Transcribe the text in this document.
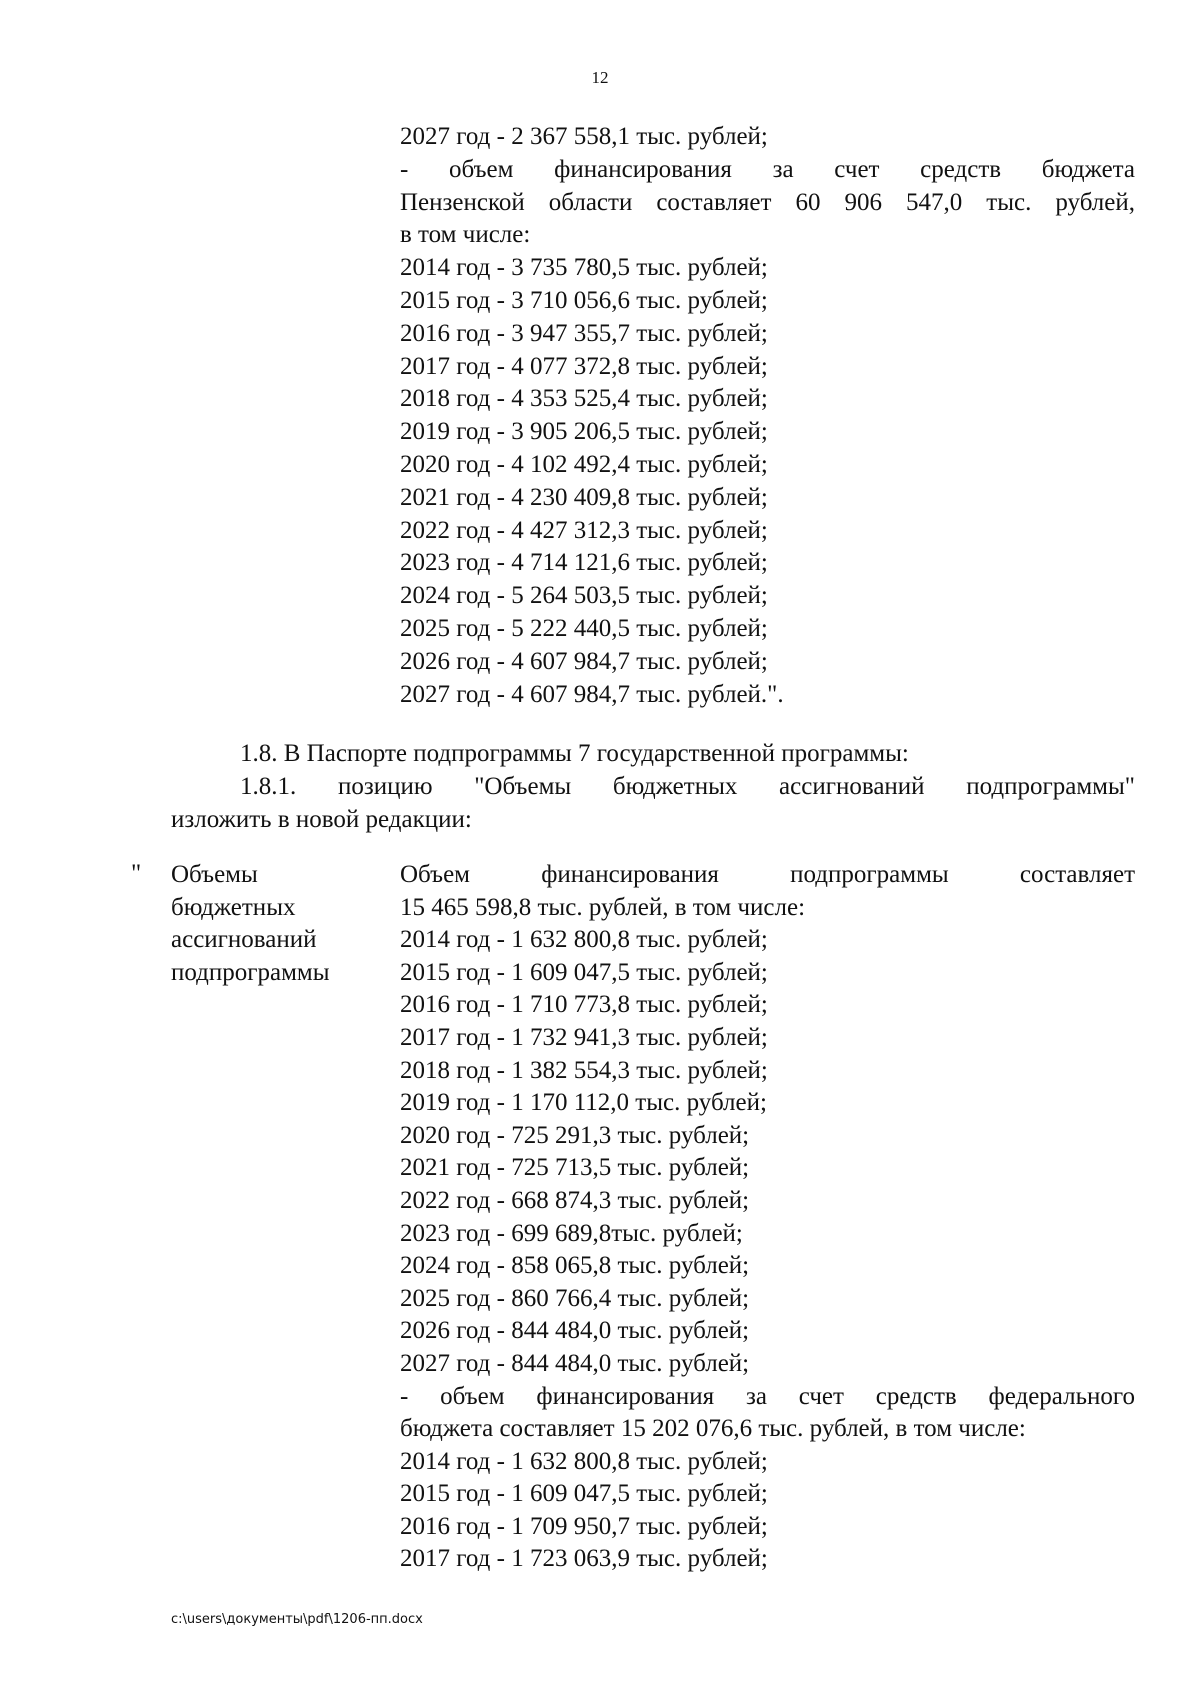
12
2027 год - 2 367 558,1 тыс. рублей;
- объем финансирования за счет средств бюджета
Пензенской области составляет 60 906 547,0 тыс. рублей,
в том числе:
2014 год - 3 735 780,5 тыс. рублей;
2015 год - 3 710 056,6 тыс. рублей;
2016 год - 3 947 355,7 тыс. рублей;
2017 год - 4 077 372,8 тыс. рублей;
2018 год - 4 353 525,4 тыс. рублей;
2019 год - 3 905 206,5 тыс. рублей;
2020 год - 4 102 492,4 тыс. рублей;
2021 год - 4 230 409,8 тыс. рублей;
2022 год - 4 427 312,3 тыс. рублей;
2023 год - 4 714 121,6 тыс. рублей;
2024 год - 5 264 503,5 тыс. рублей;
2025 год - 5 222 440,5 тыс. рублей;
2026 год - 4 607 984,7 тыс. рублей;
2027 год - 4 607 984,7 тыс. рублей.".
1.8. В Паспорте подпрограммы 7 государственной программы:
1.8.1. позицию "Объемы бюджетных ассигнований подпрограммы"
изложить в новой редакции:
" Объемы
бюджетных
ассигнований
подпрограммы
Объем финансирования подпрограммы составляет
15 465 598,8 тыс. рублей, в том числе:
2014 год - 1 632 800,8 тыс. рублей;
2015 год - 1 609 047,5 тыс. рублей;
2016 год - 1 710 773,8 тыс. рублей;
2017 год - 1 732 941,3 тыс. рублей;
2018 год - 1 382 554,3 тыс. рублей;
2019 год - 1 170 112,0 тыс. рублей;
2020 год - 725 291,3 тыс. рублей;
2021 год - 725 713,5 тыс. рублей;
2022 год - 668 874,3 тыс. рублей;
2023 год - 699 689,8тыс. рублей;
2024 год - 858 065,8 тыс. рублей;
2025 год - 860 766,4 тыс. рублей;
2026 год - 844 484,0 тыс. рублей;
2027 год - 844 484,0 тыс. рублей;
- объем финансирования за счет средств федерального
бюджета составляет 15 202 076,6 тыс. рублей, в том числе:
2014 год - 1 632 800,8 тыс. рублей;
2015 год - 1 609 047,5 тыс. рублей;
2016 год - 1 709 950,7 тыс. рублей;
2017 год - 1 723 063,9 тыс. рублей;
c:\users\документы\pdf\1206-пп.docx
